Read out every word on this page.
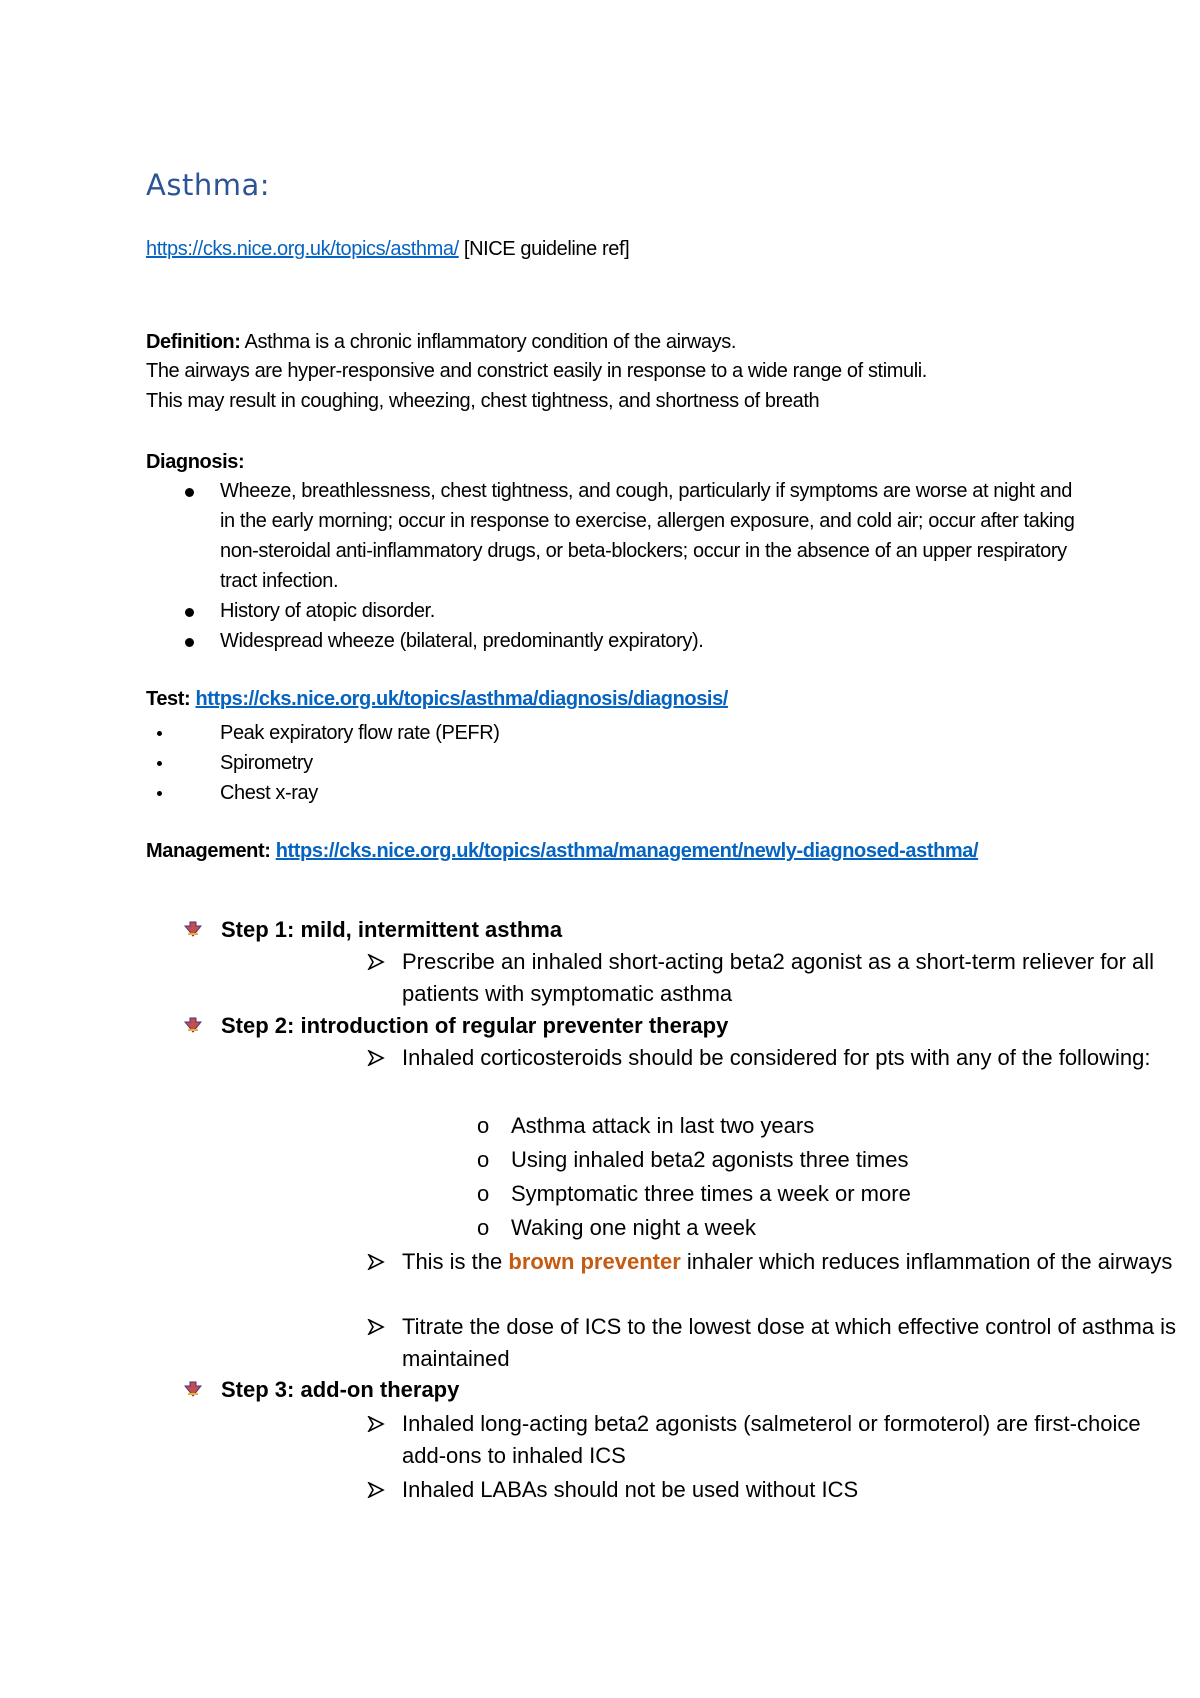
Asthma:
https://cks.nice.org.uk/topics/asthma/ [NICE guideline ref]
Definition: Asthma is a chronic inflammatory condition of the airways.
The airways are hyper-responsive and constrict easily in response to a wide range of stimuli.
This may result in coughing, wheezing, chest tightness, and shortness of breath
Diagnosis:
Wheeze, breathlessness, chest tightness, and cough, particularly if symptoms are worse at night and in the early morning; occur in response to exercise, allergen exposure, and cold air; occur after taking non-steroidal anti-inflammatory drugs, or beta-blockers; occur in the absence of an upper respiratory tract infection.
History of atopic disorder.
Widespread wheeze (bilateral, predominantly expiratory).
Test: https://cks.nice.org.uk/topics/asthma/diagnosis/diagnosis/
Peak expiratory flow rate (PEFR)
Spirometry
Chest x-ray
Management: https://cks.nice.org.uk/topics/asthma/management/newly-diagnosed-asthma/
Step 1: mild, intermittent asthma
Prescribe an inhaled short-acting beta2 agonist as a short-term reliever for all patients with symptomatic asthma
Step 2: introduction of regular preventer therapy
Inhaled corticosteroids should be considered for pts with any of the following:
o Asthma attack in last two years
o Using inhaled beta2 agonists three times
o Symptomatic three times a week or more
o Waking one night a week
This is the brown preventer inhaler which reduces inflammation of the airways
Titrate the dose of ICS to the lowest dose at which effective control of asthma is maintained
Step 3: add-on therapy
Inhaled long-acting beta2 agonists (salmeterol or formoterol) are first-choice add-ons to inhaled ICS
Inhaled LABAs should not be used without ICS
